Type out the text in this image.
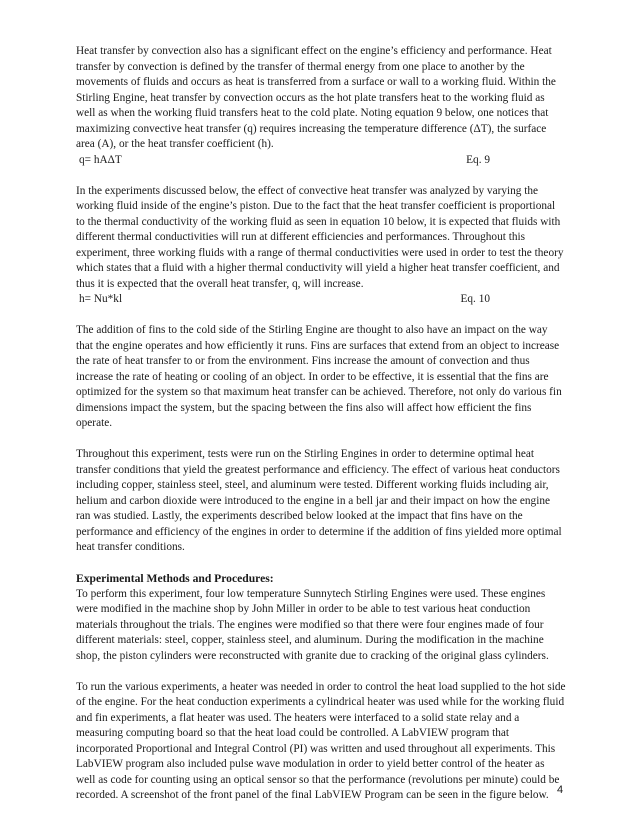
Heat transfer by convection also has a significant effect on the engine’s efficiency and performance. Heat transfer by convection is defined by the transfer of thermal energy from one place to another by the movements of fluids and occurs as heat is transferred from a surface or wall to a working fluid. Within the Stirling Engine, heat transfer by convection occurs as the hot plate transfers heat to the working fluid as well as when the working fluid transfers heat to the cold plate. Noting equation 9 below, one notices that maximizing convective heat transfer (q) requires increasing the temperature difference (ΔT), the surface area (A), or the heat transfer coefficient (h).

q= hAΔT	Eq. 9

In the experiments discussed below, the effect of convective heat transfer was analyzed by varying the working fluid inside of the engine’s piston. Due to the fact that the heat transfer coefficient is proportional to the thermal conductivity of the working fluid as seen in equation 10 below, it is expected that fluids with different thermal conductivities will run at different efficiencies and performances. Throughout this experiment, three working fluids with a range of thermal conductivities were used in order to test the theory which states that a fluid with a higher thermal conductivity will yield a higher heat transfer coefficient, and thus it is expected that the overall heat transfer, q, will increase.

h= Nu*kl	Eq. 10

The addition of fins to the cold side of the Stirling Engine are thought to also have an impact on the way that the engine operates and how efficiently it runs. Fins are surfaces that extend from an object to increase the rate of heat transfer to or from the environment. Fins increase the amount of convection and thus increase the rate of heating or cooling of an object. In order to be effective, it is essential that the fins are optimized for the system so that maximum heat transfer can be achieved. Therefore, not only do various fin dimensions impact the system, but the spacing between the fins also will affect how efficient the fins operate.

Throughout this experiment, tests were run on the Stirling Engines in order to determine optimal heat transfer conditions that yield the greatest performance and efficiency. The effect of various heat conductors including copper, stainless steel, steel, and aluminum were tested. Different working fluids including air, helium and carbon dioxide were introduced to the engine in a bell jar and their impact on how the engine ran was studied. Lastly, the experiments described below looked at the impact that fins have on the performance and efficiency of the engines in order to determine if the addition of fins yielded more optimal heat transfer conditions.

Experimental Methods and Procedures:

To perform this experiment, four low temperature Sunnytech Stirling Engines were used. These engines were modified in the machine shop by John Miller in order to be able to test various heat conduction materials throughout the trials. The engines were modified so that there were four engines made of four different materials: steel, copper, stainless steel, and aluminum. During the modification in the machine shop, the piston cylinders were reconstructed with granite due to cracking of the original glass cylinders.

To run the various experiments, a heater was needed in order to control the heat load supplied to the hot side of the engine. For the heat conduction experiments a cylindrical heater was used while for the working fluid and fin experiments, a flat heater was used. The heaters were interfaced to a solid state relay and a measuring computing board so that the heat load could be controlled. A LabVIEW program that incorporated Proportional and Integral Control (PI) was written and used throughout all experiments. This LabVIEW program also included pulse wave modulation in order to yield better control of the heater as well as code for counting using an optical sensor so that the performance (revolutions per minute) could be recorded. A screenshot of the front panel of the final LabVIEW Program can be seen in the figure below. 4
